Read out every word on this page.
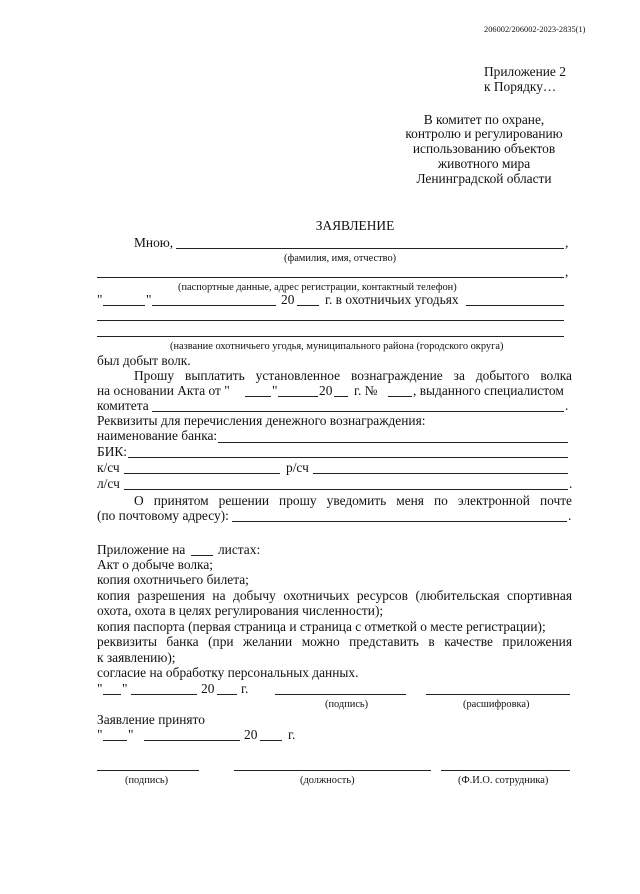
206002/206002-2023-2835(1)
Приложение 2
к Порядку…
В комитет по охране,
контролю и регулированию
использованию объектов
животного мира
Ленинградской области
ЗАЯВЛЕНИЕ
Мною,	,
(фамилия, имя, отчество)
,
(паспортные данные, адрес регистрации, контактный телефон)
"	"	20 г. в охотничьих угодьях
(название охотничьего угодья, муниципального района (городского округа)
был добыт волк.
Прошу выплатить установленное вознаграждение за добытого волка
на основании Акта от "	"	20 г. №	, выданного специалистом
комитета	.
Реквизиты для перечисления денежного вознаграждения:
наименование банка:
БИК:
к/сч	р/сч
л/сч	.
О принятом решении прошу уведомить меня по электронной почте
(по почтовому адресу):	.
Приложение на листах:
Акт о добыче волка;
копия охотничьего билета;
копия разрешения на добычу охотничьих ресурсов (любительская спортивная
охота, охота в целях регулирования численности);
копия паспорта (первая страница и страница с отметкой о месте регистрации);
реквизиты банка (при желании можно представить в качестве приложения
к заявлению);
согласие на обработку персональных данных.
" "	20 г.
(подпись)	(расшифровка)
Заявление принято
" "	20 г.
(подпись)	(должность)	(Ф.И.О. сотрудника)
